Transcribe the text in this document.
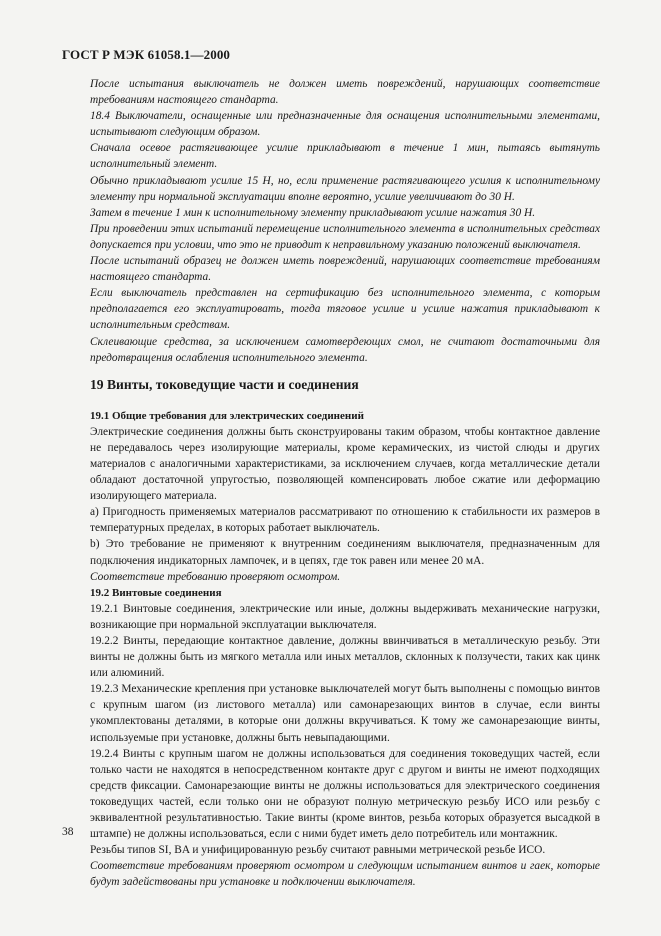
ГОСТ Р МЭК 61058.1—2000

После испытания выключатель не должен иметь повреждений, нарушающих соответствие требованиям настоящего стандарта.

18.4 Выключатели, оснащенные или предназначенные для оснащения исполнительными элементами, испытывают следующим образом.

Сначала осевое растягивающее усилие прикладывают в течение 1 мин, пытаясь вытянуть исполнительный элемент.

Обычно прикладывают усилие 15 Н, но, если применение растягивающего усилия к исполнительному элементу при нормальной эксплуатации вполне вероятно, усилие увеличивают до 30 Н.

Затем в течение 1 мин к исполнительному элементу прикладывают усилие нажатия 30 Н.

При проведении этих испытаний перемещение исполнительного элемента в исполнительных средствах допускается при условии, что это не приводит к неправильному указанию положений выключателя.

После испытаний образец не должен иметь повреждений, нарушающих соответствие требованиям настоящего стандарта.

Если выключатель представлен на сертификацию без исполнительного элемента, с которым предполагается его эксплуатировать, тогда тяговое усилие и усилие нажатия прикладывают к исполнительным средствам.

Склеивающие средства, за исключением самотвердеющих смол, не считают достаточными для предотвращения ослабления исполнительного элемента.

19 Винты, токоведущие части и соединения

19.1 Общие требования для электрических соединений

Электрические соединения должны быть сконструированы таким образом, чтобы контактное давление не передавалось через изолирующие материалы, кроме керамических, из чистой слюды и других материалов с аналогичными характеристиками, за исключением случаев, когда металлические детали обладают достаточной упругостью, позволяющей компенсировать любое сжатие или деформацию изолирующего материала.

а) Пригодность применяемых материалов рассматривают по отношению к стабильности их размеров в температурных пределах, в которых работает выключатель.

b) Это требование не применяют к внутренним соединениям выключателя, предназначенным для подключения индикаторных лампочек, и в цепях, где ток равен или менее 20 мА.

Соответствие требованию проверяют осмотром.

19.2 Винтовые соединения

19.2.1 Винтовые соединения, электрические или иные, должны выдерживать механические нагрузки, возникающие при нормальной эксплуатации выключателя.

19.2.2 Винты, передающие контактное давление, должны ввинчиваться в металлическую резьбу. Эти винты не должны быть из мягкого металла или иных металлов, склонных к ползучести, таких как цинк или алюминий.

19.2.3 Механические крепления при установке выключателей могут быть выполнены с помощью винтов с крупным шагом (из листового металла) или самонарезающих винтов в случае, если винты укомплектованы деталями, в которые они должны вкручиваться. К тому же самонарезающие винты, используемые при установке, должны быть невыпадающими.

19.2.4 Винты с крупным шагом не должны использоваться для соединения токоведущих частей, если только части не находятся в непосредственном контакте друг с другом и винты не имеют подходящих средств фиксации. Самонарезающие винты не должны использоваться для электрического соединения токоведущих частей, если только они не образуют полную метрическую резьбу ИСО или резьбу с эквивалентной результативностью. Такие винты (кроме винтов, резьба которых образуется высадкой в штампе) не должны использоваться, если с ними будет иметь дело потребитель или монтажник.

Резьбы типов SI, BA и унифицированную резьбу считают равными метрической резьбе ИСО.

Соответствие требованиям проверяют осмотром и следующим испытанием винтов и гаек, которые будут задействованы при установке и подключении выключателя.

38
